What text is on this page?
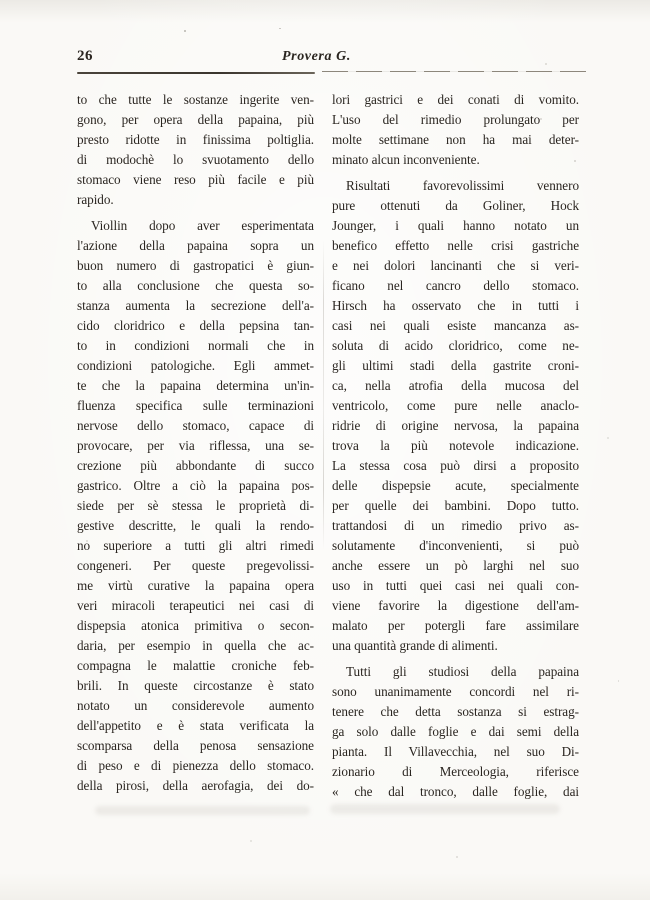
26	Provera G.
to che tutte le sostanze ingerite ven-
gono, per opera della papaina, più
presto ridotte in finissima poltiglia.
di modochè lo svuotamento dello
stomaco viene reso più facile e più
rapido.
Viollin dopo aver esperimentata
l'azione della papaina sopra un
buon numero di gastropatici è giun-
to alla conclusione che questa so-
stanza aumenta la secrezione dell'a-
cido cloridrico e della pepsina tan-
to in condizioni normali che in
condizioni patologiche. Egli ammet-
te che la papaina determina un'in-
fluenza specifica sulle terminazioni
nervose dello stomaco, capace di
provocare, per via riflessa, una se-
crezione più abbondante di succo
gastrico. Oltre a ciò la papaina pos-
siede per sè stessa le proprietà di-
gestive descritte, le quali la rendo-
no superiore a tutti gli altri rimedi
congeneri. Per queste pregevolissi-
me virtù curative la papaina opera
veri miracoli terapeutici nei casi di
dispepsia atonica primitiva o secon-
daria, per esempio in quella che ac-
compagna le malattie croniche feb-
brili. In queste circostanze è stato
notato un considerevole aumento
dell'appetito e è stata verificata la
scomparsa della penosa sensazione
di peso e di pienezza dello stomaco.
della pirosi, della aerofagia, dei do-
lori gastrici e dei conati di vomito.
L'uso del rimedio prolungato per
molte settimane non ha mai deter-
minato alcun inconveniente.
Risultati favorevolissimi vennero
pure ottenuti da Goliner, Hock
Jounger, i quali hanno notato un
benefico effetto nelle crisi gastriche
e nei dolori lancinanti che si veri-
ficano nel cancro dello stomaco.
Hirsch ha osservato che in tutti i
casi nei quali esiste mancanza as-
soluta di acido cloridrico, come ne-
gli ultimi stadi della gastrite croni-
ca, nella atrofia della mucosa del
ventricolo, come pure nelle anaclo-
ridrie di origine nervosa, la papaina
trova la più notevole indicazione.
La stessa cosa può dirsi a proposito
delle dispepsie acute, specialmente
per quelle dei bambini. Dopo tutto.
trattandosi di un rimedio privo as-
solutamente d'inconvenienti, si può
anche essere un pò larghi nel suo
uso in tutti quei casi nei quali con-
viene favorire la digestione dell'am-
malato per potergli fare assimilare
una quantità grande di alimenti.
Tutti gli studiosi della papaina
sono unanimamente concordi nel ri-
tenere che detta sostanza si estrag-
ga solo dalle foglie e dai semi della
pianta. Il Villavecchia, nel suo Di-
zionario di Merceologia, riferisce
« che dal tronco, dalle foglie, dai
